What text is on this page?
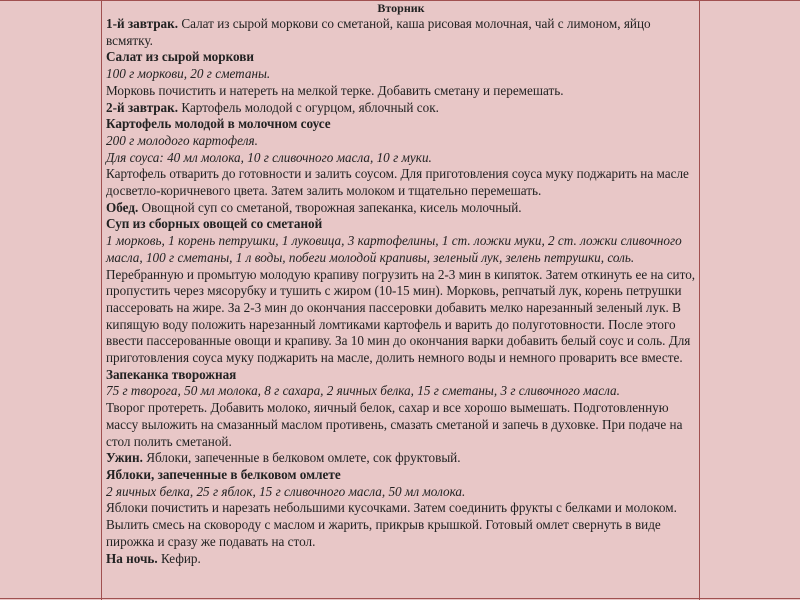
Вторник

1-й завтрак. Салат из сырой моркови со сметаной, каша рисовая молочная, чай с лимоном, яйцо всмятку.

Салат из сырой моркови

100 г моркови, 20 г сметаны.

Морковь почистить и натереть на мелкой терке. Добавить сметану и перемешать.

2-й завтрак. Картофель молодой с огурцом, яблочный сок.

Картофель молодой в молочном соусе

200 г молодого картофеля.

Для соуса: 40 мл молока, 10 г сливочного масла, 10 г муки.

Картофель отварить до готовности и залить соусом. Для приготовления соуса муку поджарить на масле досветло-коричневого цвета. Затем залить молоком и тщательно перемешать.

Обед. Овощной суп со сметаной, творожная запеканка, кисель молочный.

Суп из сборных овощей со сметаной

1 морковь, 1 корень петрушки, 1 луковица, 3 картофелины, 1 ст. ложки муки, 2 ст. ложки сливочного масла, 100 г сметаны, 1 л воды, побеги молодой крапивы, зеленый лук, зелень петрушки, соль.

Перебранную и промытую молодую крапиву погрузить на 2-3 мин в кипяток. Затем откинуть ее на сито, пропустить через мясорубку и тушить с жиром (10-15 мин). Морковь, репчатый лук, корень петрушки пассеровать на жире. За 2-3 мин до окончания пассеровки добавить мелко нарезанный зеленый лук. В кипящую воду положить нарезанный ломтиками картофель и варить до полуготовности. После этого ввести пассерованные овощи и крапиву. За 10 мин до окончания варки добавить белый соус и соль. Для приготовления соуса муку поджарить на масле, долить немного воды и немного проварить все вместе.

Запеканка творожная

75 г творога, 50 мл молока, 8 г сахара, 2 яичных белка, 15 г сметаны, 3 г сливочного масла.

Творог протереть. Добавить молоко, яичный белок, сахар и все хорошо вымешать. Подготовленную массу выложить на смазанный маслом противень, смазать сметаной и запечь в духовке. При подаче на стол полить сметаной.

Ужин. Яблоки, запеченные в белковом омлете, сок фруктовый.

Яблоки, запеченные в белковом омлете

2 яичных белка, 25 г яблок, 15 г сливочного масла, 50 мл молока.

Яблоки почистить и нарезать небольшими кусочками. Затем соединить фрукты с белками и молоком. Вылить смесь на сковороду с маслом и жарить, прикрыв крышкой. Готовый омлет свернуть в виде пирожка и сразу же подавать на стол.

На ночь. Кефир.
